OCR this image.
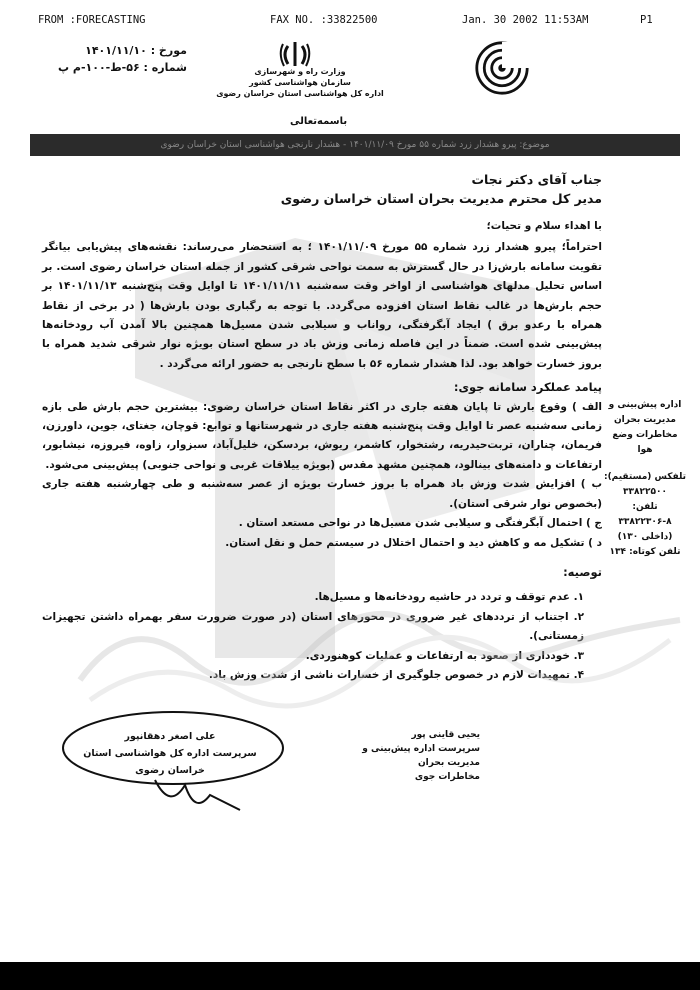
FROM :FORECASTING	FAX NO. :33822500	Jan. 30 2002 11:53AM	P1
وزارت راه و شهرسازی
سازمان هواشناسی کشور
اداره کل هواشناسی استان خراسان رضوی
مورخ : ۱۴۰۱/۱۱/۱۰
شماره : ۵۶-ط-۱۰۰-م پ
باسمه‌تعالی
موضوع: پیرو هشدار زرد شماره ۵۵ مورخ ۱۴۰۱/۱۱/۰۹ - هشدار نارنجی هواشناسی استان خراسان رضوی

جناب آقای دکتر نجات

مدیر کل محترم مدیریت بحران استان خراسان رضوی

با اهداء سلام و تحیات؛

احتراماً؛ پیرو هشدار زرد شماره ۵۵ مورخ ۱۴۰۱/۱۱/۰۹ ؛ به استحضار می‌رساند: نقشه‌های پیش‌یابی بیانگر تقویت سامانه بارش‌زا در حال گسترش به سمت نواحی شرقی کشور از جمله استان خراسان رضوی است. بر اساس تحلیل مدلهای هواشناسی از اواخر وقت سه‌شنبه ۱۴۰۱/۱۱/۱۱ تا اوایل وقت پنج‌شنبه ۱۴۰۱/۱۱/۱۳ بر حجم بارش‌ها در غالب نقاط استان افزوده می‌گردد. با توجه به رگباری بودن بارش‌ها ( در برخی از نقاط همراه با رعدو برق ) ایجاد آبگرفتگی، رواناب و سیلابی شدن مسیل‌ها همچنین بالا آمدن آب رودخانه‌ها پیش‌بینی شده است. ضمناً در این فاصله زمانی وزش باد در سطح استان بویژه نوار شرقی شدید همراه با بروز خسارت خواهد بود. لذا هشدار شماره ۵۶ با سطح نارنجی به حضور ارائه می‌گردد .

پیامد عملکرد سامانه جوی:

الف ) وقوع بارش تا پایان هفته جاری در اکثر نقاط استان خراسان رضوی: بیشترین حجم بارش طی بازه زمانی سه‌شنبه عصر تا اوایل وقت پنج‌شنبه هفته جاری در شهرستانها و توابع: قوچان، جغتای، جوین، داورزن، فریمان، چناران، تربت‌حیدریه، رشتخوار، کاشمر، ریوش، بردسکن، خلیل‌آباد، سبزوار، زاوه، فیروزه، نیشابور، ارتفاعات و دامنه‌های بینالود، همچنین مشهد مقدس (بویژه ییلاقات غربی و نواحی جنوبی) پیش‌بینی می‌شود.

ب ) افزایش شدت وزش باد همراه با بروز خسارت بویژه از عصر سه‌شنبه و طی چهارشنبه هفته جاری (بخصوص نوار شرقی استان).

ج ) احتمال آبگرفتگی و سیلابی شدن مسیل‌ها در نواحی مستعد استان .

د ) تشکیل مه و کاهش دید و احتمال اختلال در سیستم حمل و نقل استان.

توصیه:

۱. عدم توقف و تردد در حاشیه رودخانه‌ها و مسیل‌ها.
۲. اجتناب از ترددهای غیر ضروری در محورهای استان (در صورت ضرورت سفر بهمراه داشتن تجهیزات زمستانی).
۳. خودداری از صعود به ارتفاعات و عملیات کوهنوردی.
۴. تمهیدات لازم در خصوص جلوگیری از خسارات ناشی از شدت وزش باد.
اداره پیش‌بینی و
مدیریت بحران
مخاطرات وضع
هوا
تلفکس (مستقیم):
۳۳۸۲۲۵۰۰
تلفن:
۳۳۸۲۲۳۰۶-۸
(داخلی ۱۳۰)
تلفن کوتاه: ۱۳۴
علی اصغر دهقانپور
سرپرست اداره کل هواشناسی استان خراسان رضوی
یحیی قاینی پور
سرپرست اداره پیش‌بینی و مدیریت بحران
مخاطرات جوی
